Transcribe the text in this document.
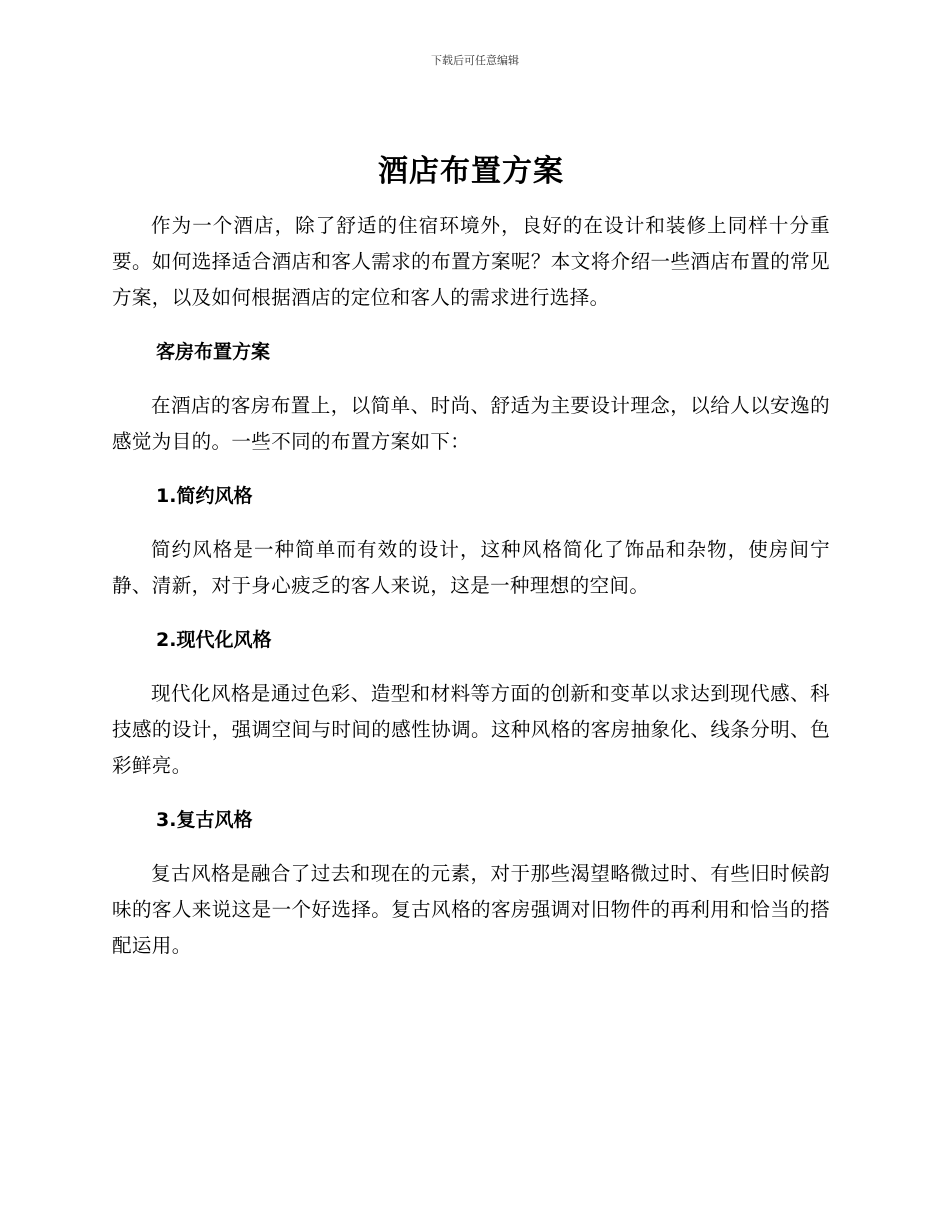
下载后可任意编辑
酒店布置方案

作为一个酒店，除了舒适的住宿环境外，良好的在设计和装修上同样十分重要。如何选择适合酒店和客人需求的布置方案呢？本文将介绍一些酒店布置的常见方案，以及如何根据酒店的定位和客人的需求进行选择。

客房布置方案

在酒店的客房布置上，以简单、时尚、舒适为主要设计理念，以给人以安逸的感觉为目的。一些不同的布置方案如下：

1.简约风格

简约风格是一种简单而有效的设计，这种风格简化了饰品和杂物，使房间宁静、清新，对于身心疲乏的客人来说，这是一种理想的空间。

2.现代化风格

现代化风格是通过色彩、造型和材料等方面的创新和变革以求达到现代感、科技感的设计，强调空间与时间的感性协调。这种风格的客房抽象化、线条分明、色彩鲜亮。

3.复古风格

复古风格是融合了过去和现在的元素，对于那些渴望略微过时、有些旧时候韵味的客人来说这是一个好选择。复古风格的客房强调对旧物件的再利用和恰当的搭配运用。
